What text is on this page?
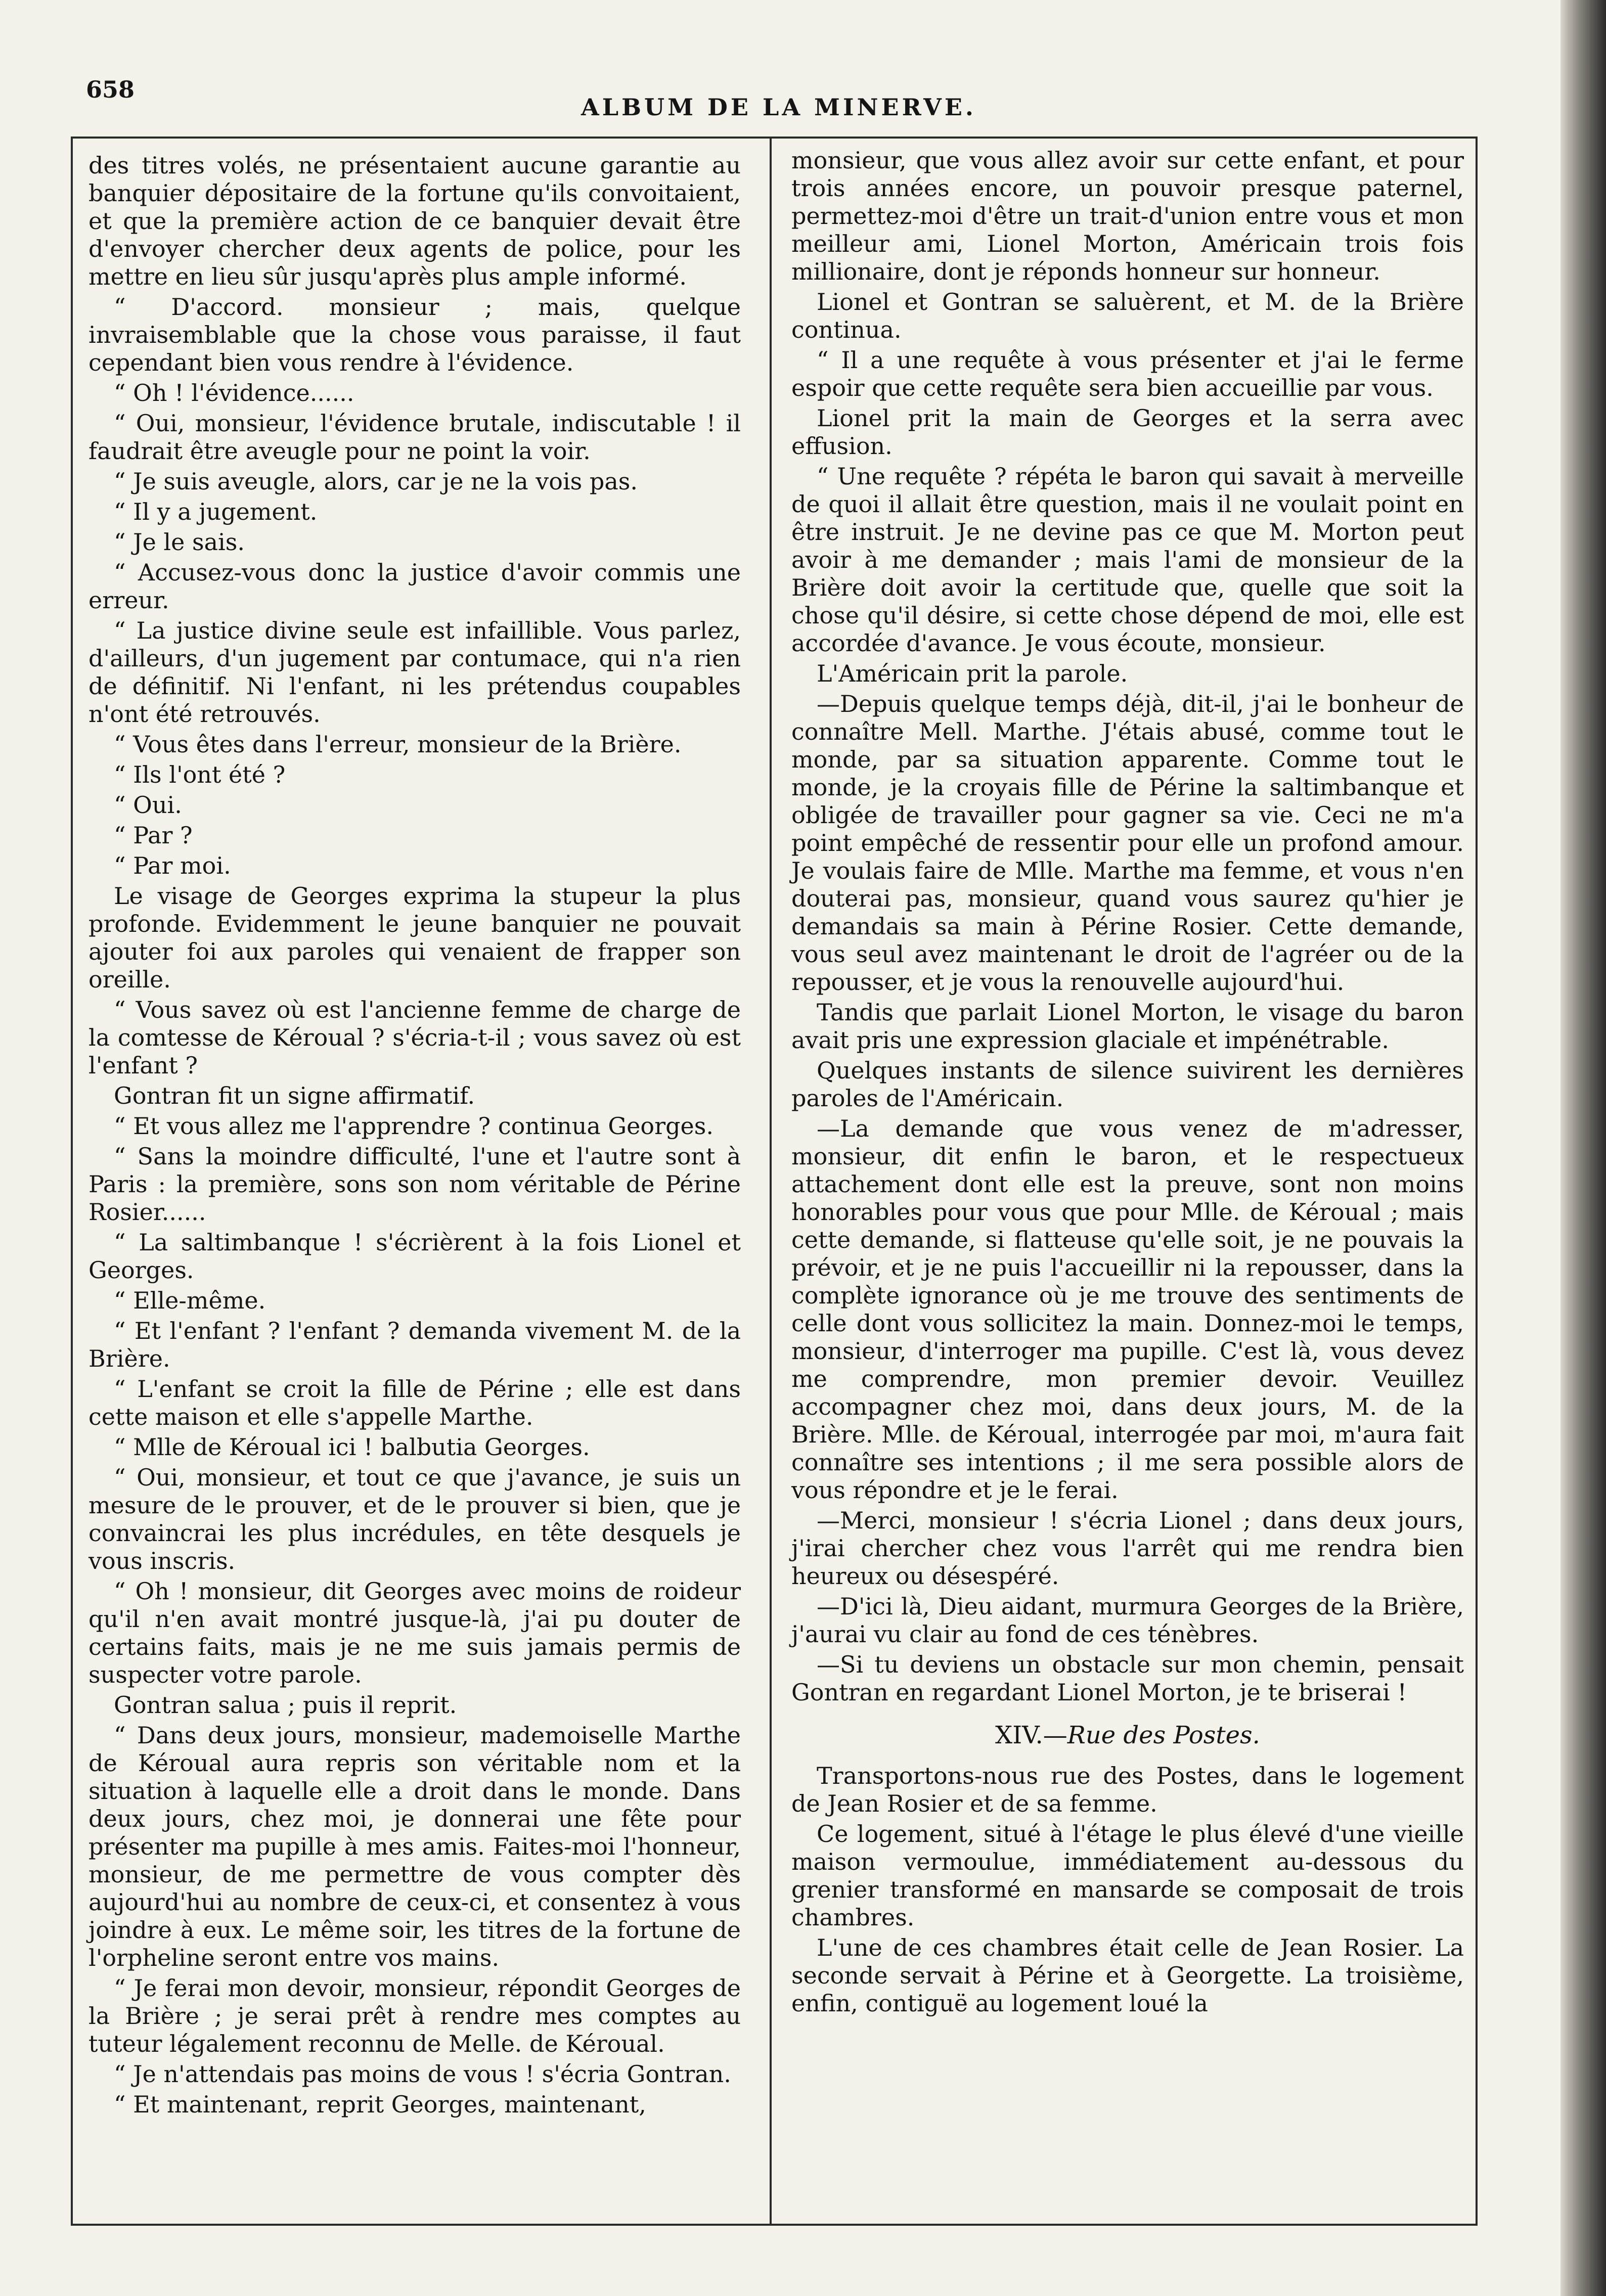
658
ALBUM DE LA MINERVE.

des titres volés, ne présentaient aucune garantie au banquier dépositaire de la fortune qu'ils convoitaient, et que la première action de ce banquier devait être d'envoyer chercher deux agents de police, pour les mettre en lieu sûr jusqu'après plus ample informé.

“ D'accord. monsieur ; mais, quelque invraisemblable que la chose vous paraisse, il faut cependant bien vous rendre à l'évidence.

“ Oh ! l'évidence......

“ Oui, monsieur, l'évidence brutale, indiscutable ! il faudrait être aveugle pour ne point la voir.

“ Je suis aveugle, alors, car je ne la vois pas.

“ Il y a jugement.

“ Je le sais.

“ Accusez-vous donc la justice d'avoir commis une erreur.

“ La justice divine seule est infaillible. Vous parlez, d'ailleurs, d'un jugement par contumace, qui n'a rien de définitif. Ni l'enfant, ni les prétendus coupables n'ont été retrouvés.

“ Vous êtes dans l'erreur, monsieur de la Brière.

“ Ils l'ont été ?

“ Oui.

“ Par ?

“ Par moi.

Le visage de Georges exprima la stupeur la plus profonde. Evidemment le jeune banquier ne pouvait ajouter foi aux paroles qui venaient de frapper son oreille.

“ Vous savez où est l'ancienne femme de charge de la comtesse de Kéroual ? s'écria-t-il ; vous savez où est l'enfant ?

Gontran fit un signe affirmatif.

“ Et vous allez me l'apprendre ? continua Georges.

“ Sans la moindre difficulté, l'une et l'autre sont à Paris : la première, sons son nom véritable de Périne Rosier......

“ La saltimbanque ! s'écrièrent à la fois Lionel et Georges.

“ Elle-même.

“ Et l'enfant ? l'enfant ? demanda vivement M. de la Brière.

“ L'enfant se croit la fille de Périne ; elle est dans cette maison et elle s'appelle Marthe.

“ Mlle de Kéroual ici ! balbutia Georges.

“ Oui, monsieur, et tout ce que j'avance, je suis un mesure de le prouver, et de le prouver si bien, que je convaincrai les plus incrédules, en tête desquels je vous inscris.

“ Oh ! monsieur, dit Georges avec moins de roideur qu'il n'en avait montré jusque-là, j'ai pu douter de certains faits, mais je ne me suis jamais permis de suspecter votre parole.

Gontran salua ; puis il reprit.

“ Dans deux jours, monsieur, mademoiselle Marthe de Kéroual aura repris son véritable nom et la situation à laquelle elle a droit dans le monde. Dans deux jours, chez moi, je donnerai une fête pour présenter ma pupille à mes amis. Faites-moi l'honneur, monsieur, de me permettre de vous compter dès aujourd'hui au nombre de ceux-ci, et consentez à vous joindre à eux. Le même soir, les titres de la fortune de l'orpheline seront entre vos mains.

“ Je ferai mon devoir, monsieur, répondit Georges de la Brière ; je serai prêt à rendre mes comptes au tuteur légalement reconnu de Melle. de Kéroual.

“ Je n'attendais pas moins de vous ! s'écria Gontran.

“ Et maintenant, reprit Georges, maintenant,

monsieur, que vous allez avoir sur cette enfant, et pour trois années encore, un pouvoir presque paternel, permettez-moi d'être un trait-d'union entre vous et mon meilleur ami, Lionel Morton, Américain trois fois millionaire, dont je réponds honneur sur honneur.

Lionel et Gontran se saluèrent, et M. de la Brière continua.

“ Il a une requête à vous présenter et j'ai le ferme espoir que cette requête sera bien accueillie par vous.

Lionel prit la main de Georges et la serra avec effusion.

“ Une requête ? répéta le baron qui savait à merveille de quoi il allait être question, mais il ne voulait point en être instruit. Je ne devine pas ce que M. Morton peut avoir à me demander ; mais l'ami de monsieur de la Brière doit avoir la certitude que, quelle que soit la chose qu'il désire, si cette chose dépend de moi, elle est accordée d'avance. Je vous écoute, monsieur.

L'Américain prit la parole.

—Depuis quelque temps déjà, dit-il, j'ai le bonheur de connaître Mell. Marthe. J'étais abusé, comme tout le monde, par sa situation apparente. Comme tout le monde, je la croyais fille de Périne la saltimbanque et obligée de travailler pour gagner sa vie. Ceci ne m'a point empêché de ressentir pour elle un profond amour. Je voulais faire de Mlle. Marthe ma femme, et vous n'en douterai pas, monsieur, quand vous saurez qu'hier je demandais sa main à Périne Rosier. Cette demande, vous seul avez maintenant le droit de l'agréer ou de la repousser, et je vous la renouvelle aujourd'hui.

Tandis que parlait Lionel Morton, le visage du baron avait pris une expression glaciale et impénétrable.

Quelques instants de silence suivirent les dernières paroles de l'Américain.

—La demande que vous venez de m'adresser, monsieur, dit enfin le baron, et le respectueux attachement dont elle est la preuve, sont non moins honorables pour vous que pour Mlle. de Kéroual ; mais cette demande, si flatteuse qu'elle soit, je ne pouvais la prévoir, et je ne puis l'accueillir ni la repousser, dans la complète ignorance où je me trouve des sentiments de celle dont vous sollicitez la main. Donnez-moi le temps, monsieur, d'interroger ma pupille. C'est là, vous devez me comprendre, mon premier devoir. Veuillez accompagner chez moi, dans deux jours, M. de la Brière. Mlle. de Kéroual, interrogée par moi, m'aura fait connaître ses intentions ; il me sera possible alors de vous répondre et je le ferai.

—Merci, monsieur ! s'écria Lionel ; dans deux jours, j'irai chercher chez vous l'arrêt qui me rendra bien heureux ou désespéré.

—D'ici là, Dieu aidant, murmura Georges de la Brière, j'aurai vu clair au fond de ces ténèbres.

—Si tu deviens un obstacle sur mon chemin, pensait Gontran en regardant Lionel Morton, je te briserai !

XIV.—Rue des Postes.

Transportons-nous rue des Postes, dans le logement de Jean Rosier et de sa femme.

Ce logement, situé à l'étage le plus élevé d'une vieille maison vermoulue, immédiatement au-dessous du grenier transformé en mansarde se composait de trois chambres.

L'une de ces chambres était celle de Jean Rosier. La seconde servait à Périne et à Georgette. La troisième, enfin, contiguë au logement loué la
